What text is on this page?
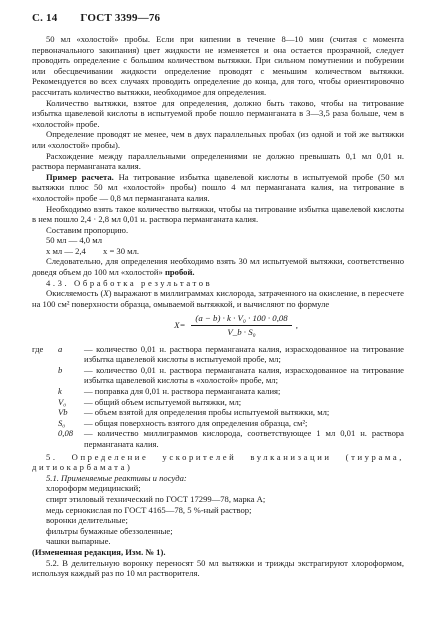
С. 14 ГОСТ 3399—76

50 мл «холостой» пробы. Если при кипении в течение 8—10 мин (считая с момента первоначального закипания) цвет жидкости не изменяется и она остается прозрачной, следует проводить определение с большим количеством вытяжки. При сильном помутнении и побурении или обесцвечивании жидкости определение проводят с меньшим количеством вытяжки. Рекомендуется во всех случаях проводить определение до конца, для того, чтобы ориентировочно рассчитать количество вытяжки, необходимое для определения.

Количество вытяжки, взятое для определения, должно быть таково, чтобы на титрование избытка щавелевой кислоты в испытуемой пробе пошло перманганата в 3—3,5 раза больше, чем в «холостой» пробе.

Определение проводят не менее, чем в двух параллельных пробах (из одной и той же вытяжки или «холостой» пробы).

Расхождение между параллельными определениями не должно превышать 0,1 мл 0,01 н. раствора перманганата калия.

Пример расчета. На титрование избытка щавелевой кислоты в испытуемой пробе (50 мл вытяжки плюс 50 мл «холостой» пробы) пошло 4 мл перманганата калия, на титрование в «холостой» пробе — 0,8 мл перманганата калия.

Необходимо взять такое количество вытяжки, чтобы на титрование избытка щавелевой кислоты в нем пошло 2,4 · 2,8 мл 0,01 н. раствора перманганата калия.

Составим пропорцию.

50 мл — 4,0 мл

x мл — 2,4        x = 30 мл.

Следовательно, для определения необходимо взять 30 мл испытуемой вытяжки, соответственно доведя объем до 100 мл «холостой» пробой.

4.3. Обработка результатов

Окисляемость (X) выражают в миллиграммах кислорода, затраченного на окисление, в пересчете на 100 см² поверхности образца, омываемой вытяжкой, и вычисляют по формуле

$X= \frac{\text{(a − b) · k · V₀ · 100 · 0,08}}{\text{V\_b · S₀}}$ ,
где	a	— количество 0,01 н. раствора перманганата калия, израсходованное на титрование избытка щавелевой кислоты в испытуемой пробе, мл;
	b	— количество 0,01 н. раствора перманганата калия, израсходованное на титрование избытка щавелевой кислоты в «холостой» пробе, мл;
	k	— поправка для 0,01 н. раствора перманганата калия;
	V₀	— общий объем испытуемой вытяжки, мл;
	Vb	— объем взятой для определения пробы испытуемой вытяжки, мл;
	S₀	— общая поверхность взятого для определения образца, см²;
	0,08	— количество миллиграммов кислорода, соответствующее 1 мл 0,01 н. раствора перманганата калия.

5. Определение ускорителей вулканизации (тиурама, дитиокарбамата)

5.1. Применяемые реактивы и посуда:

хлороформ медицинский;

спирт этиловый технический по ГОСТ 17299—78, марка А;

медь сернокислая по ГОСТ 4165—78, 5 %-ный раствор;

воронки делительные;

фильтры бумажные обеззоленные;

чашки выпарные.

(Измененная редакция, Изм. № 1).

5.2. В делительную воронку переносят 50 мл вытяжки и трижды экстрагируют хлороформом, используя каждый раз по 10 мл растворителя.
